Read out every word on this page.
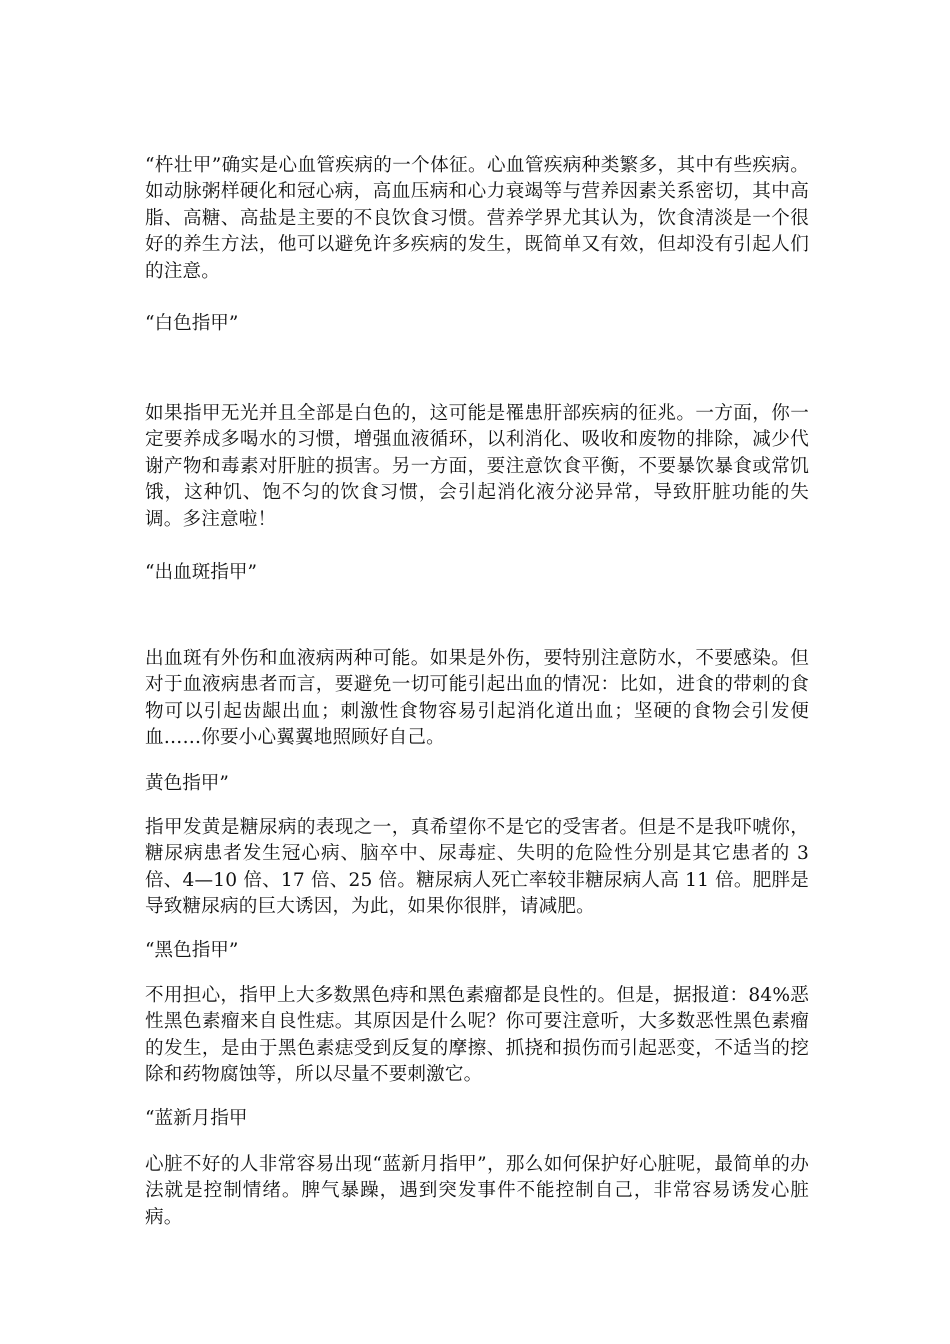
“杵壮甲”确实是心血管疾病的一个体征。心血管疾病种类繁多，其中有些疾病。如动脉粥样硬化和冠心病，高血压病和心力衰竭等与营养因素关系密切，其中高脂、高糖、高盐是主要的不良饮食习惯。营养学界尤其认为，饮食清淡是一个很好的养生方法，他可以避免许多疾病的发生，既简单又有效，但却没有引起人们的注意。

“白色指甲”

如果指甲无光并且全部是白色的，这可能是罹患肝部疾病的征兆。一方面，你一定要养成多喝水的习惯，增强血液循环，以利消化、吸收和废物的排除，减少代谢产物和毒素对肝脏的损害。另一方面，要注意饮食平衡，不要暴饮暴食或常饥饿，这种饥、饱不匀的饮食习惯，会引起消化液分泌异常，导致肝脏功能的失调。多注意啦！

“出血斑指甲”

出血斑有外伤和血液病两种可能。如果是外伤，要特别注意防水，不要感染。但对于血液病患者而言，要避免一切可能引起出血的情况：比如，进食的带刺的食物可以引起齿龈出血；刺激性食物容易引起消化道出血；坚硬的食物会引发便血……你要小心翼翼地照顾好自己。

黄色指甲”

指甲发黄是糖尿病的表现之一，真希望你不是它的受害者。但是不是我吓唬你，糖尿病患者发生冠心病、脑卒中、尿毒症、失明的危险性分别是其它患者的 3 倍、4—10 倍、17 倍、25 倍。糖尿病人死亡率较非糖尿病人高 11 倍。肥胖是导致糖尿病的巨大诱因，为此，如果你很胖，请减肥。

“黑色指甲”

不用担心，指甲上大多数黑色痔和黑色素瘤都是良性的。但是，据报道：84%恶性黑色素瘤来自良性痣。其原因是什么呢？你可要注意听，大多数恶性黑色素瘤的发生，是由于黑色素痣受到反复的摩擦、抓挠和损伤而引起恶变，不适当的挖除和药物腐蚀等，所以尽量不要刺激它。

“蓝新月指甲

心脏不好的人非常容易出现“蓝新月指甲”，那么如何保护好心脏呢，最简单的办法就是控制情绪。脾气暴躁，遇到突发事件不能控制自己，非常容易诱发心脏病。
